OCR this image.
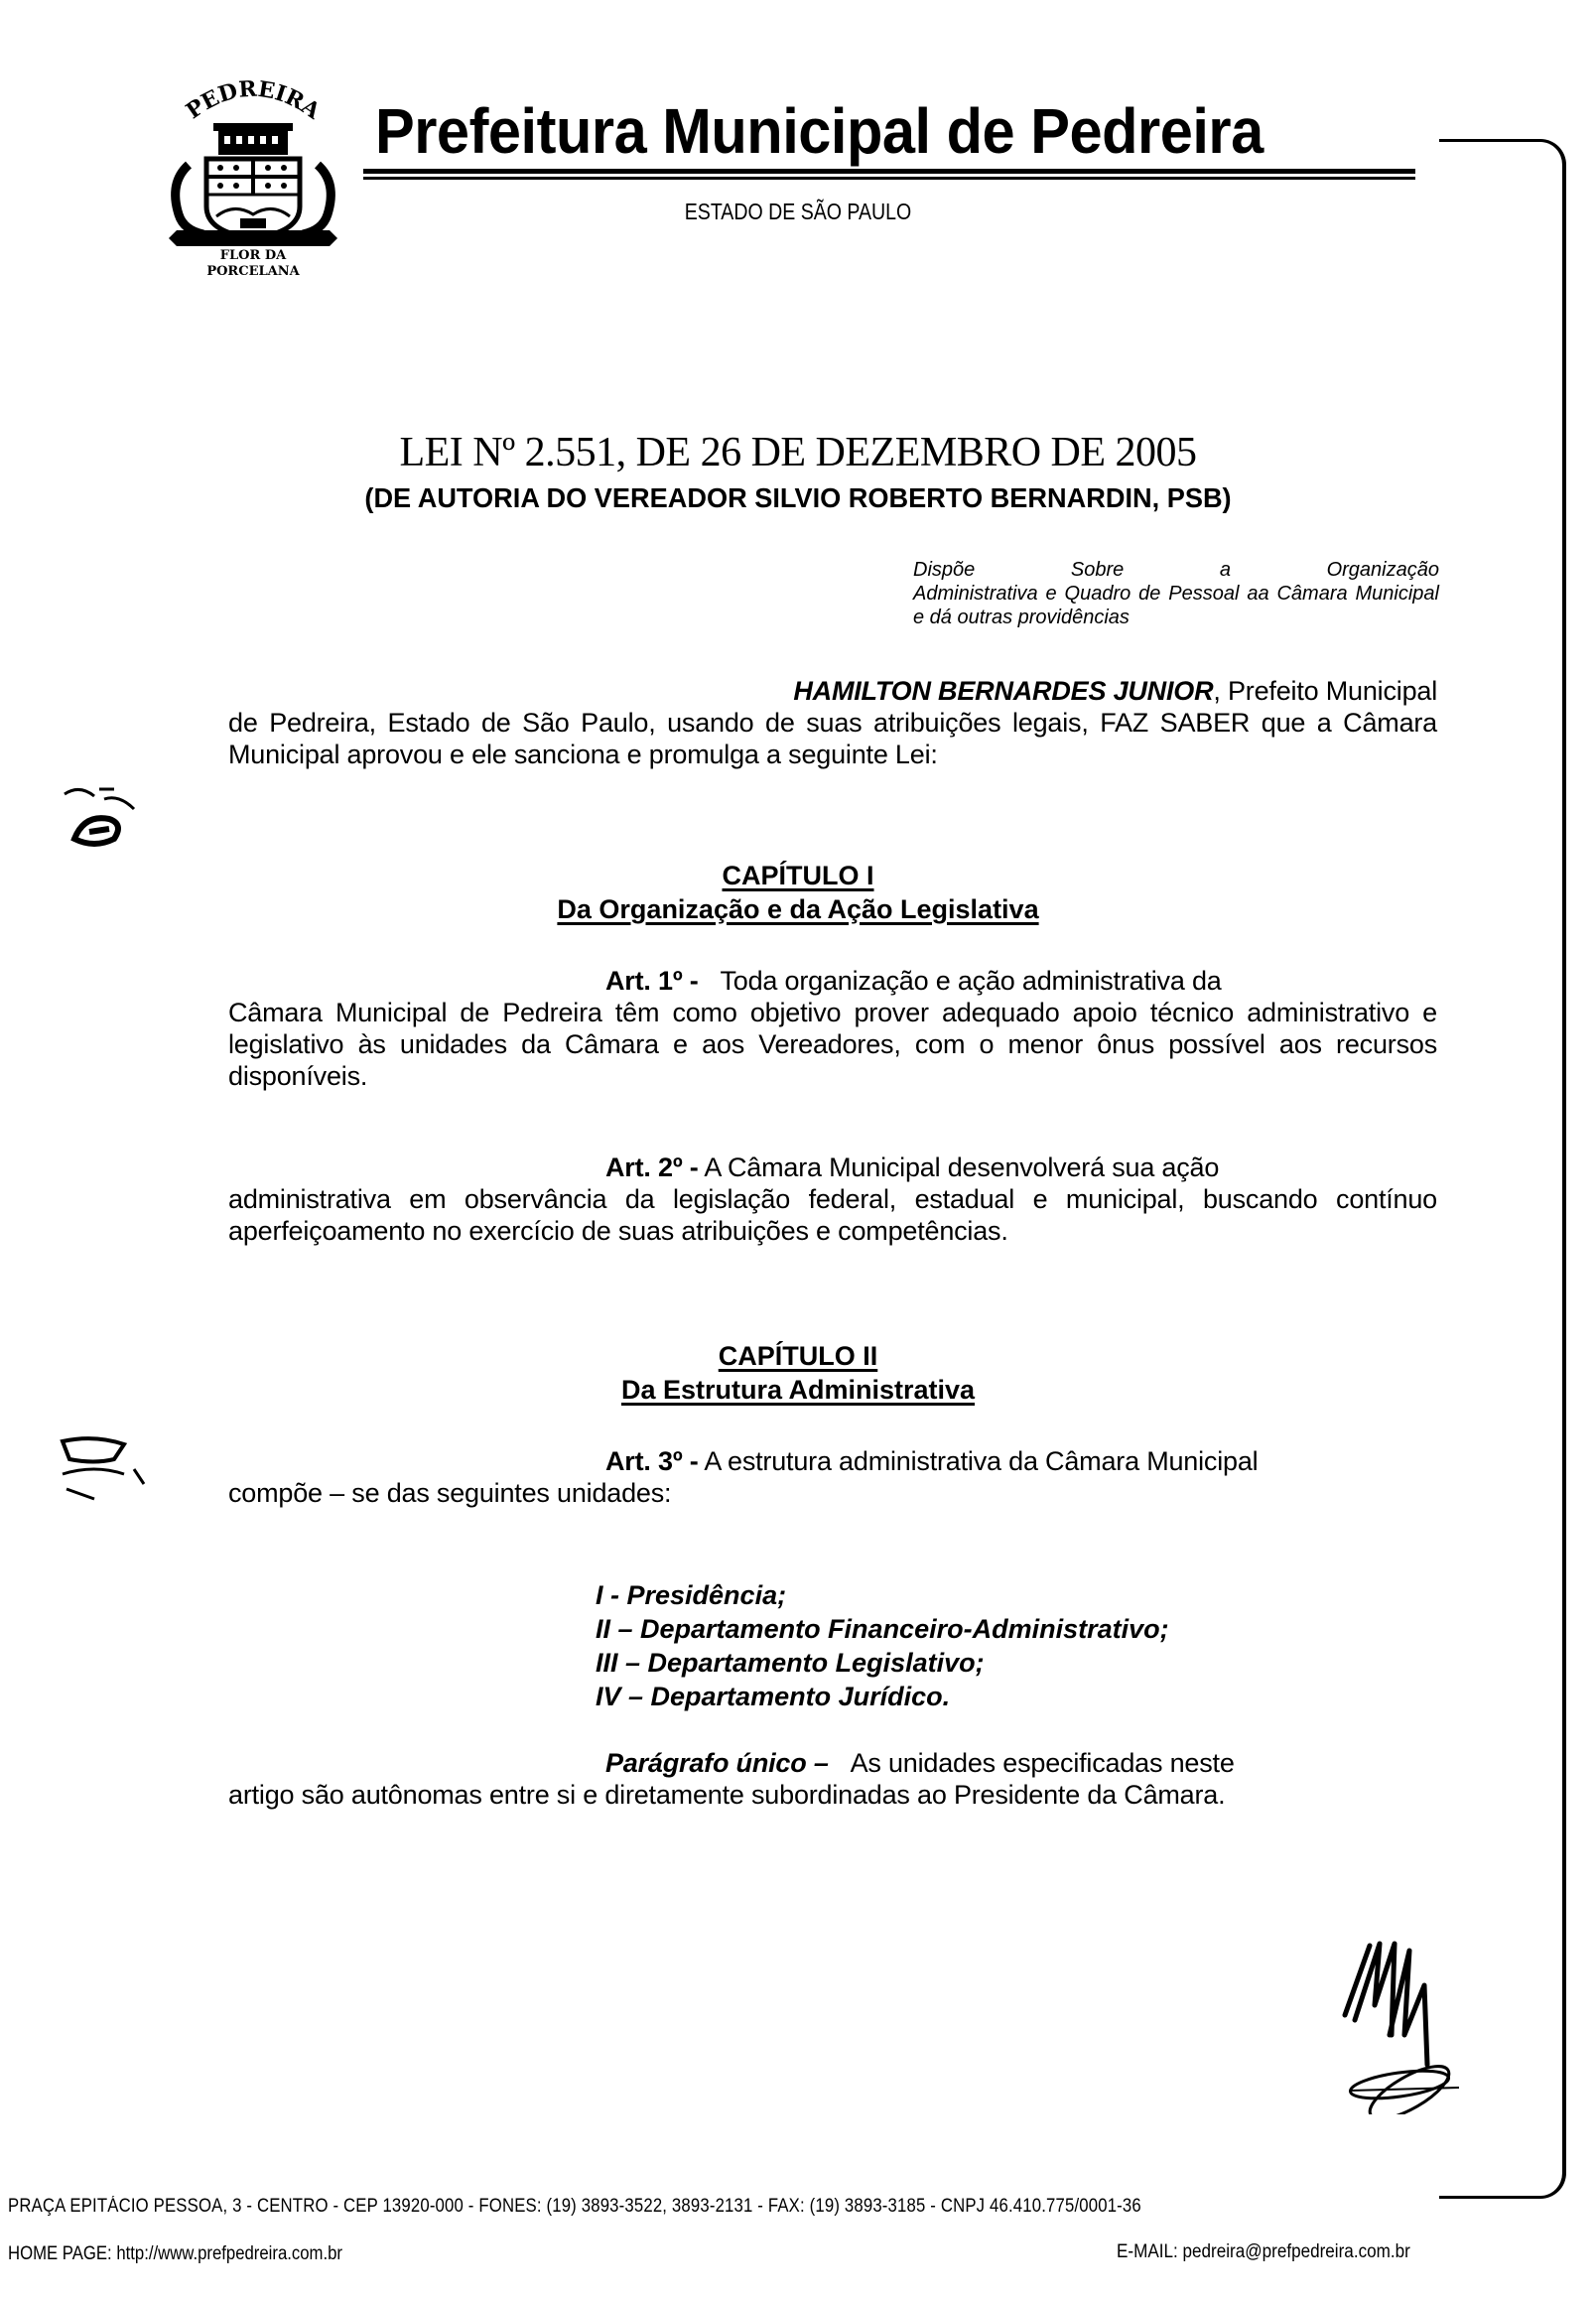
PEDREIRA
FLOR DA
PORCELANA
Prefeitura Municipal de Pedreira
ESTADO DE SÃO PAULO
LEI Nº 2.551, DE 26 DE DEZEMBRO DE 2005
(DE AUTORIA DO VEREADOR SILVIO ROBERTO BERNARDIN, PSB)
Dispõe Sobre a Organização
Administrativa e Quadro de Pessoal aa Câmara Municipal e dá outras providências
HAMILTON BERNARDES JUNIOR, Prefeito Municipal
de Pedreira, Estado de São Paulo, usando de suas atribuições legais, FAZ SABER que a Câmara Municipal aprovou e ele sanciona e promulga a seguinte Lei:
CAPÍTULO I
Da Organização e da Ação Legislativa
Art. 1º - Toda organização e ação administrativa da
Câmara Municipal de Pedreira têm como objetivo prover adequado apoio técnico administrativo e legislativo às unidades da Câmara e aos Vereadores, com o menor ônus possível aos recursos disponíveis.
Art. 2º - A Câmara Municipal desenvolverá sua ação
administrativa em observância da legislação federal, estadual e municipal, buscando contínuo aperfeiçoamento no exercício de suas atribuições e competências.
CAPÍTULO II
Da Estrutura Administrativa
Art. 3º - A estrutura administrativa da Câmara Municipal
compõe – se das seguintes unidades:
I - Presidência;
II – Departamento Financeiro-Administrativo;
III – Departamento Legislativo;
IV – Departamento Jurídico.
Parágrafo único – As unidades especificadas neste
artigo são autônomas entre si e diretamente subordinadas ao Presidente da Câmara.
PRAÇA EPITÁCIO PESSOA, 3 - CENTRO - CEP 13920-000 - FONES: (19) 3893-3522, 3893-2131 - FAX: (19) 3893-3185 - CNPJ 46.410.775/0001-36
HOME PAGE: http://www.prefpedreira.com.br	E-MAIL: pedreira@prefpedreira.com.br
